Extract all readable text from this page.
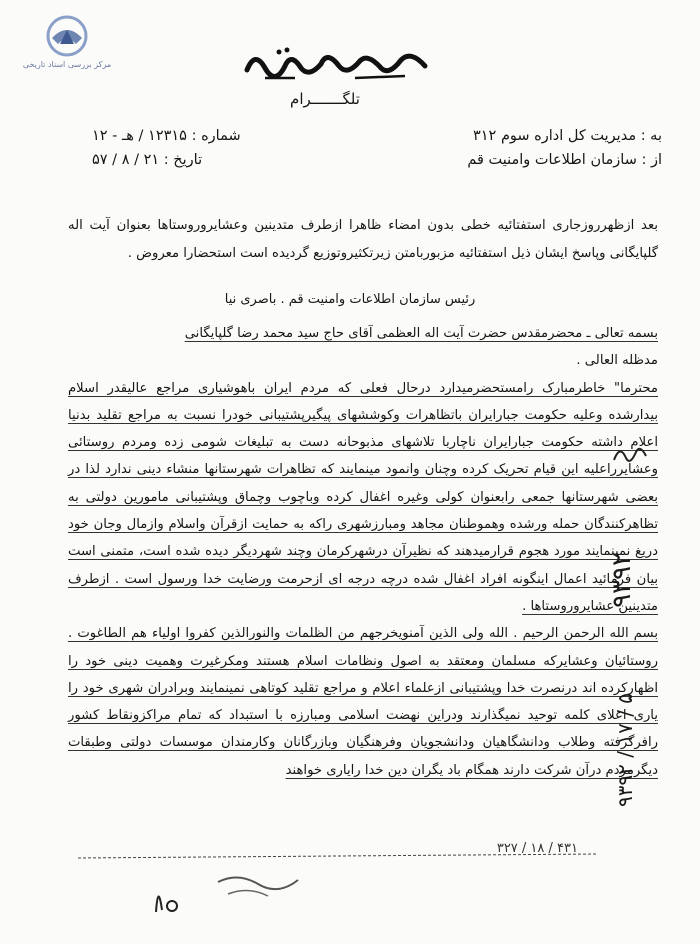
مرکز بررسی اسناد تاریخی
تلگـــــــرام
به : مدیریت کل اداره سوم ۳۱۲
از : سازمان اطلاعات وامنیت قم
شماره : ۱۲۳۱۵ / هـ - ۱۲
تاریخ : ۲۱ / ۸ / ۵۷
بعد ازظهرروزجاری استفتائیه خطی بدون امضاء ظاهرا ازطرف متدینین وعشایروروستاها بعنوان آیت اله گلپایگانی وپاسخ ایشان ذیل استفتائیه مزبوربامتن زیرتکثیروتوزیع گردیده است استحضارا معروض .
رئیس سازمان اطلاعات وامنیت قم . باصری نیا

بسمه تعالی ـ محضرمقدس حضرت آیت اله العظمی آقای حاج سید محمد رضا گلپایگانی

مدظله العالی .

محترما" خاطرمبارک رامستحضرمیدارد درحال فعلی که مردم ایران باهوشیاری مراجع عالیقدر اسلام بیدارشده وعلیه حکومت جبارایران باتظاهرات وکوششهای پیگیرپشتیبانی خودرا نسبت به مراجع تقلید بدنیا اعلام داشته حکومت جبارایران ناچاربا تلاشهای مذبوحانه دست به تبلیغات شومی زده ومردم روستائی وعشایرراعلیه این قیام تحریک کرده وچنان وانمود مینمایند که تظاهرات شهرستانها منشاء دینی ندارد لذا در بعضی شهرستانها جمعی رابعنوان کولی وغیره اغفال کرده وباچوب وچماق وپشتیبانی مامورین دولتی به تظاهرکنندگان حمله ورشده وهموطنان مجاهد ومبارزشهری راکه به حمایت ازقرآن واسلام وازمال وجان خود دریغ نمینمایند مورد هجوم قرارمیدهند که نظیرآن درشهرکرمان وچند شهردیگر دیده شده است، متمنی است بیان فرمائید اعمال اینگونه افراد اغفال شده درچه درجه ای ازحرمت ورضایت خدا ورسول است . ازطرف متدینین عشایروروستاها .

بسم الله الرحمن الرحیم . الله ولی الذین آمنویخرجهم من الظلمات والنورالذین کفروا اولیاء هم الطاغوت . روستائیان وعشایرکه مسلمان ومعتقد به اصول ونظامات اسلام هستند ومکرغیرت وهمیت دینی خود را اظهارکرده اند درنصرت خدا وپشتیبانی ازعلماء اعلام و مراجع تقلید کوتاهی نمینمایند وبرادران شهری خود را یاری اعلای کلمه توحید نمیگذارند ودراین نهضت اسلامی ومبارزه با استبداد که تمام مراکزونقاط کشور رافرگرفته وطلاب ودانشگاهیان ودانشجویان وفرهنگیان وبازرگانان وکارمندان موسسات دولتی وطبقات دیگرمردم درآن شرکت دارند همگام باد یگران دین خدا رایاری خواهند

۹۳۹۲
۹۳۹۲ / ۱۷ / ۵
۳۲۷ / ۱۸ / ۴۳۱
